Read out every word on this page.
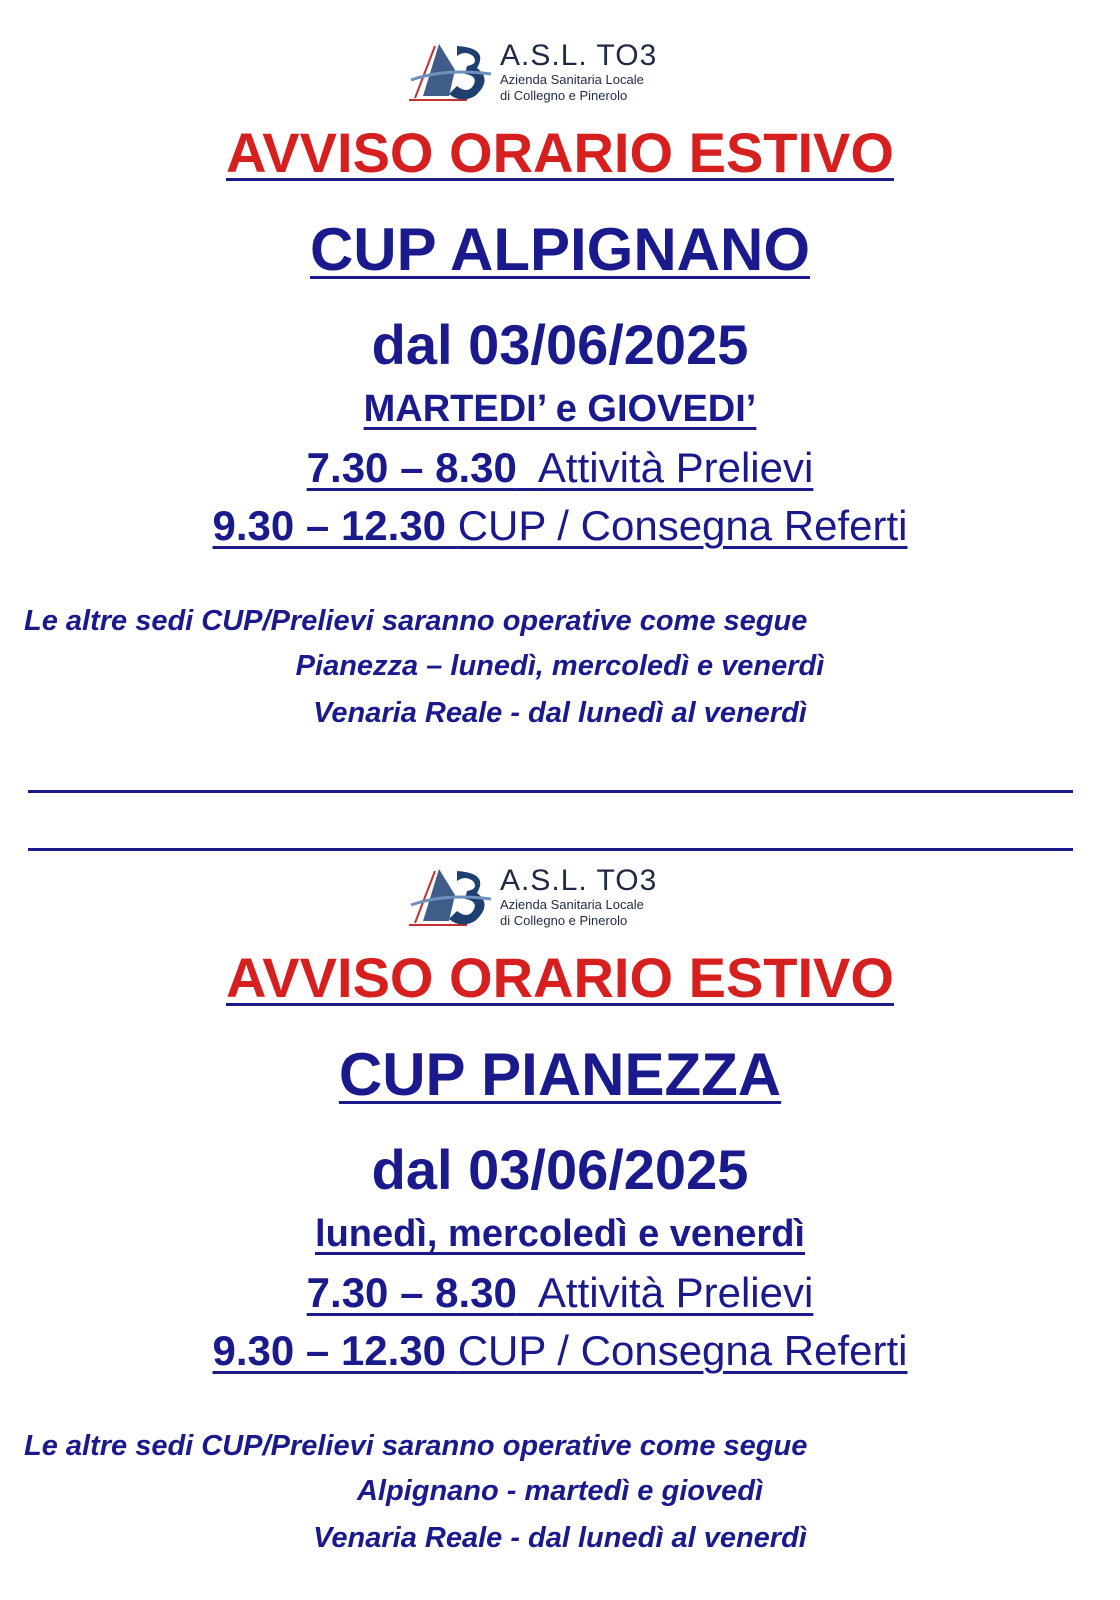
A.S.L. TO3
Azienda Sanitaria Locale
di Collegno e Pinerolo
AVVISO ORARIO ESTIVO
CUP ALPIGNANO
dal 03/06/2025
MARTEDI’ e GIOVEDI’
7.30 – 8.30 Attività Prelievi
9.30 – 12.30 CUP / Consegna Referti
Le altre sedi CUP/Prelievi saranno operative come segue
Pianezza – lunedì, mercoledì e venerdì
Venaria Reale - dal lunedì al venerdì
A.S.L. TO3
Azienda Sanitaria Locale
di Collegno e Pinerolo
AVVISO ORARIO ESTIVO
CUP PIANEZZA
dal 03/06/2025
lunedì, mercoledì e venerdì
7.30 – 8.30 Attività Prelievi
9.30 – 12.30 CUP / Consegna Referti
Le altre sedi CUP/Prelievi saranno operative come segue
Alpignano - martedì e giovedì
Venaria Reale - dal lunedì al venerdì
